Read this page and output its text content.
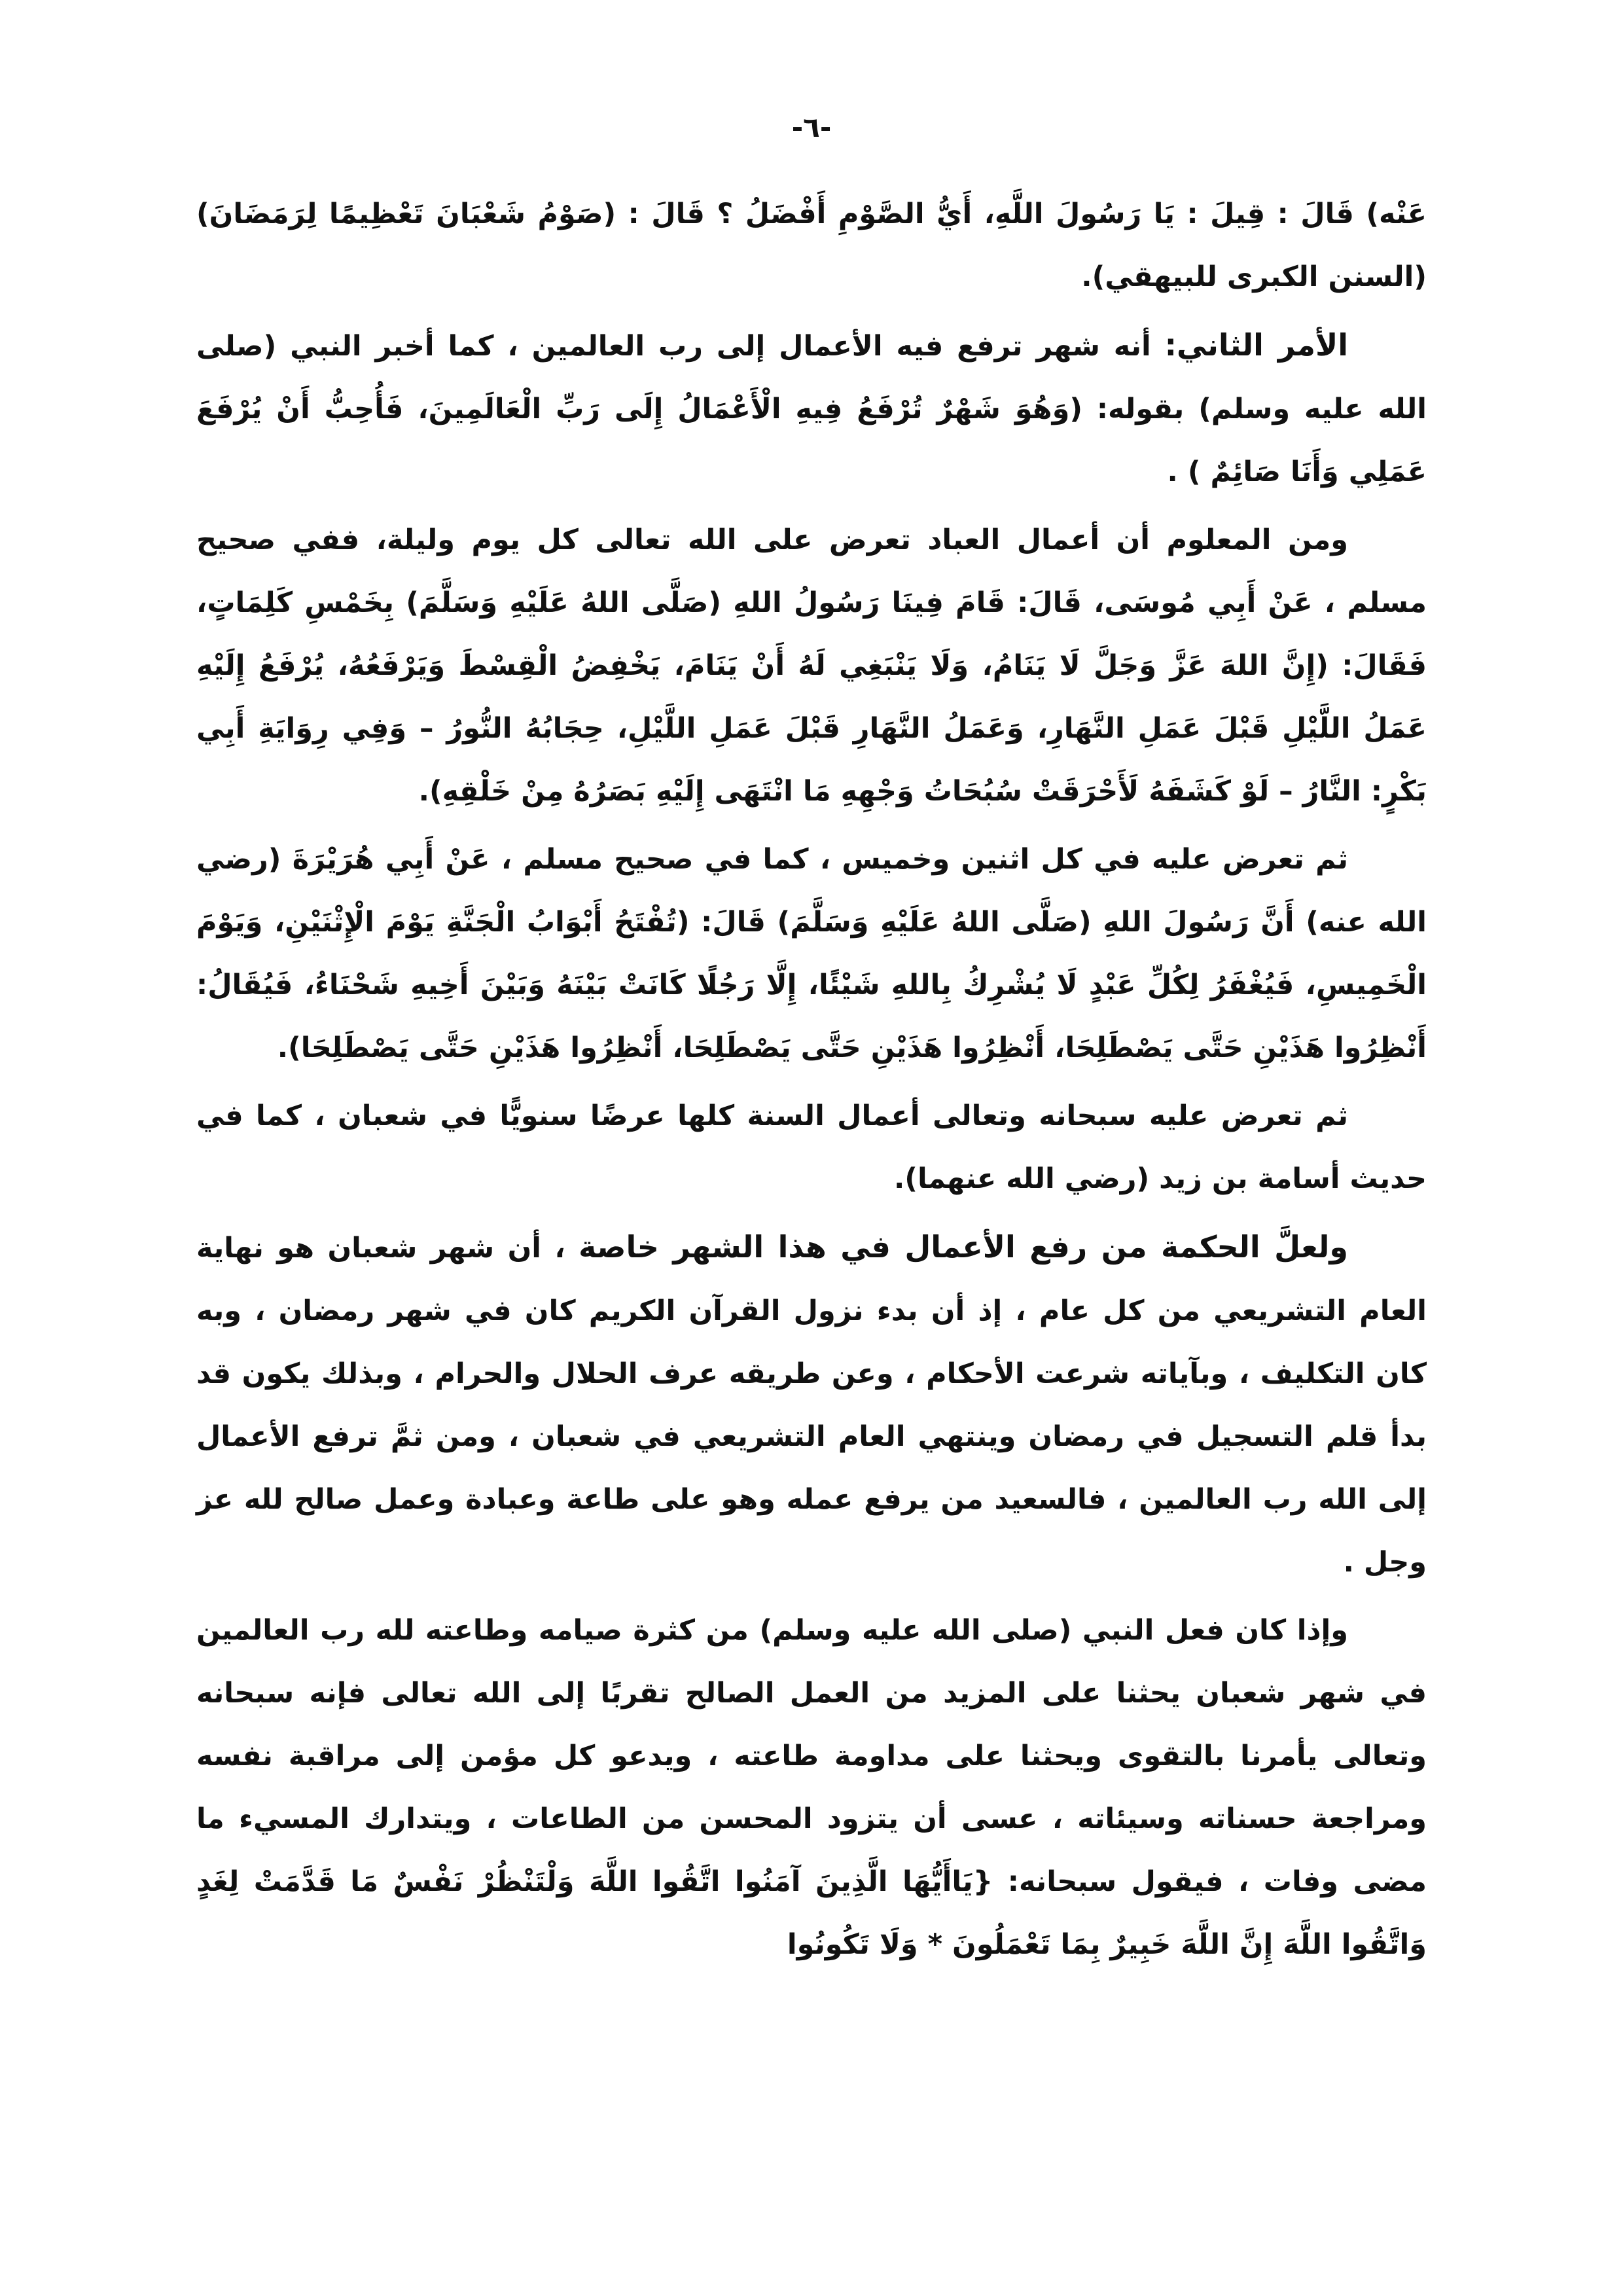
-٦-

عَنْه) قَالَ : قِيلَ : يَا رَسُولَ اللَّهِ، أَيُّ الصَّوْمِ أَفْضَلُ ؟ قَالَ : (صَوْمُ شَعْبَانَ تَعْظِيمًا لِرَمَضَانَ)(السنن الكبرى للبيهقي).

الأمر الثاني: أنه شهر ترفع فيه الأعمال إلى رب العالمين ، كما أخبر النبي (صلى الله عليه وسلم) بقوله: (وَهُوَ شَهْرٌ تُرْفَعُ فِيهِ الْأَعْمَالُ إِلَى رَبِّ الْعَالَمِينَ، فَأُحِبُّ أَنْ يُرْفَعَ عَمَلِي وَأَنَا صَائِمٌ ) .

ومن المعلوم أن أعمال العباد تعرض على الله تعالى كل يوم وليلة، ففي صحيح مسلم ، عَنْ أَبِي مُوسَى، قَالَ: قَامَ فِينَا رَسُولُ اللهِ (صَلَّى اللهُ عَلَيْهِ وَسَلَّمَ) بِخَمْسِ كَلِمَاتٍ، فَقَالَ: (إِنَّ اللهَ عَزَّ وَجَلَّ لَا يَنَامُ، وَلَا يَنْبَغِي لَهُ أَنْ يَنَامَ، يَخْفِضُ الْقِسْطَ وَيَرْفَعُهُ، يُرْفَعُ إِلَيْهِ عَمَلُ اللَّيْلِ قَبْلَ عَمَلِ النَّهَارِ، وَعَمَلُ النَّهَارِ قَبْلَ عَمَلِ اللَّيْلِ، حِجَابُهُ النُّورُ – وَفِي رِوَايَةِ أَبِي بَكْرٍ: النَّارُ – لَوْ كَشَفَهُ لَأَحْرَقَتْ سُبُحَاتُ وَجْهِهِ مَا انْتَهَى إِلَيْهِ بَصَرُهُ مِنْ خَلْقِهِ).

ثم تعرض عليه في كل اثنين وخميس ، كما في صحيح مسلم ، عَنْ أَبِي هُرَيْرَةَ (رضي الله عنه) أَنَّ رَسُولَ اللهِ (صَلَّى اللهُ عَلَيْهِ وَسَلَّمَ) قَالَ: (تُفْتَحُ أَبْوَابُ الْجَنَّةِ يَوْمَ الْإِثْنَيْنِ، وَيَوْمَ الْخَمِيسِ، فَيُغْفَرُ لِكُلِّ عَبْدٍ لَا يُشْرِكُ بِاللهِ شَيْئًا، إِلَّا رَجُلًا كَانَتْ بَيْنَهُ وَبَيْنَ أَخِيهِ شَحْنَاءُ، فَيُقَالُ: أَنْظِرُوا هَذَيْنِ حَتَّى يَصْطَلِحَا، أَنْظِرُوا هَذَيْنِ حَتَّى يَصْطَلِحَا، أَنْظِرُوا هَذَيْنِ حَتَّى يَصْطَلِحَا).

ثم تعرض عليه سبحانه وتعالى أعمال السنة كلها عرضًا سنويًّا في شعبان ، كما في حديث أسامة بن زيد (رضي الله عنهما).

ولعلَّ الحكمة من رفع الأعمال في هذا الشهر خاصة ، أن شهر شعبان هو نهاية العام التشريعي من كل عام ، إذ أن بدء نزول القرآن الكريم كان في شهر رمضان ، وبه كان التكليف ، وبآياته شرعت الأحكام ، وعن طريقه عرف الحلال والحرام ، وبذلك يكون قد بدأ قلم التسجيل في رمضان وينتهي العام التشريعي في شعبان ، ومن ثمَّ ترفع الأعمال إلى الله رب العالمين ، فالسعيد من يرفع عمله وهو على طاعة وعبادة وعمل صالح لله عز وجل .

وإذا كان فعل النبي (صلى الله عليه وسلم) من كثرة صيامه وطاعته لله رب العالمين في شهر شعبان يحثنا على المزيد من العمل الصالح تقربًا إلى الله تعالى فإنه سبحانه وتعالى يأمرنا بالتقوى ويحثنا على مداومة طاعته ، ويدعو كل مؤمن إلى مراقبة نفسه ومراجعة حسناته وسيئاته ، عسى أن يتزود المحسن من الطاعات ، ويتدارك المسيء ما مضى وفات ، فيقول سبحانه: {يَاأَيُّهَا الَّذِينَ آمَنُوا اتَّقُوا اللَّهَ وَلْتَنْظُرْ نَفْسٌ مَا قَدَّمَتْ لِغَدٍ وَاتَّقُوا اللَّهَ إِنَّ اللَّهَ خَبِيرٌ بِمَا تَعْمَلُونَ * وَلَا تَكُونُوا
